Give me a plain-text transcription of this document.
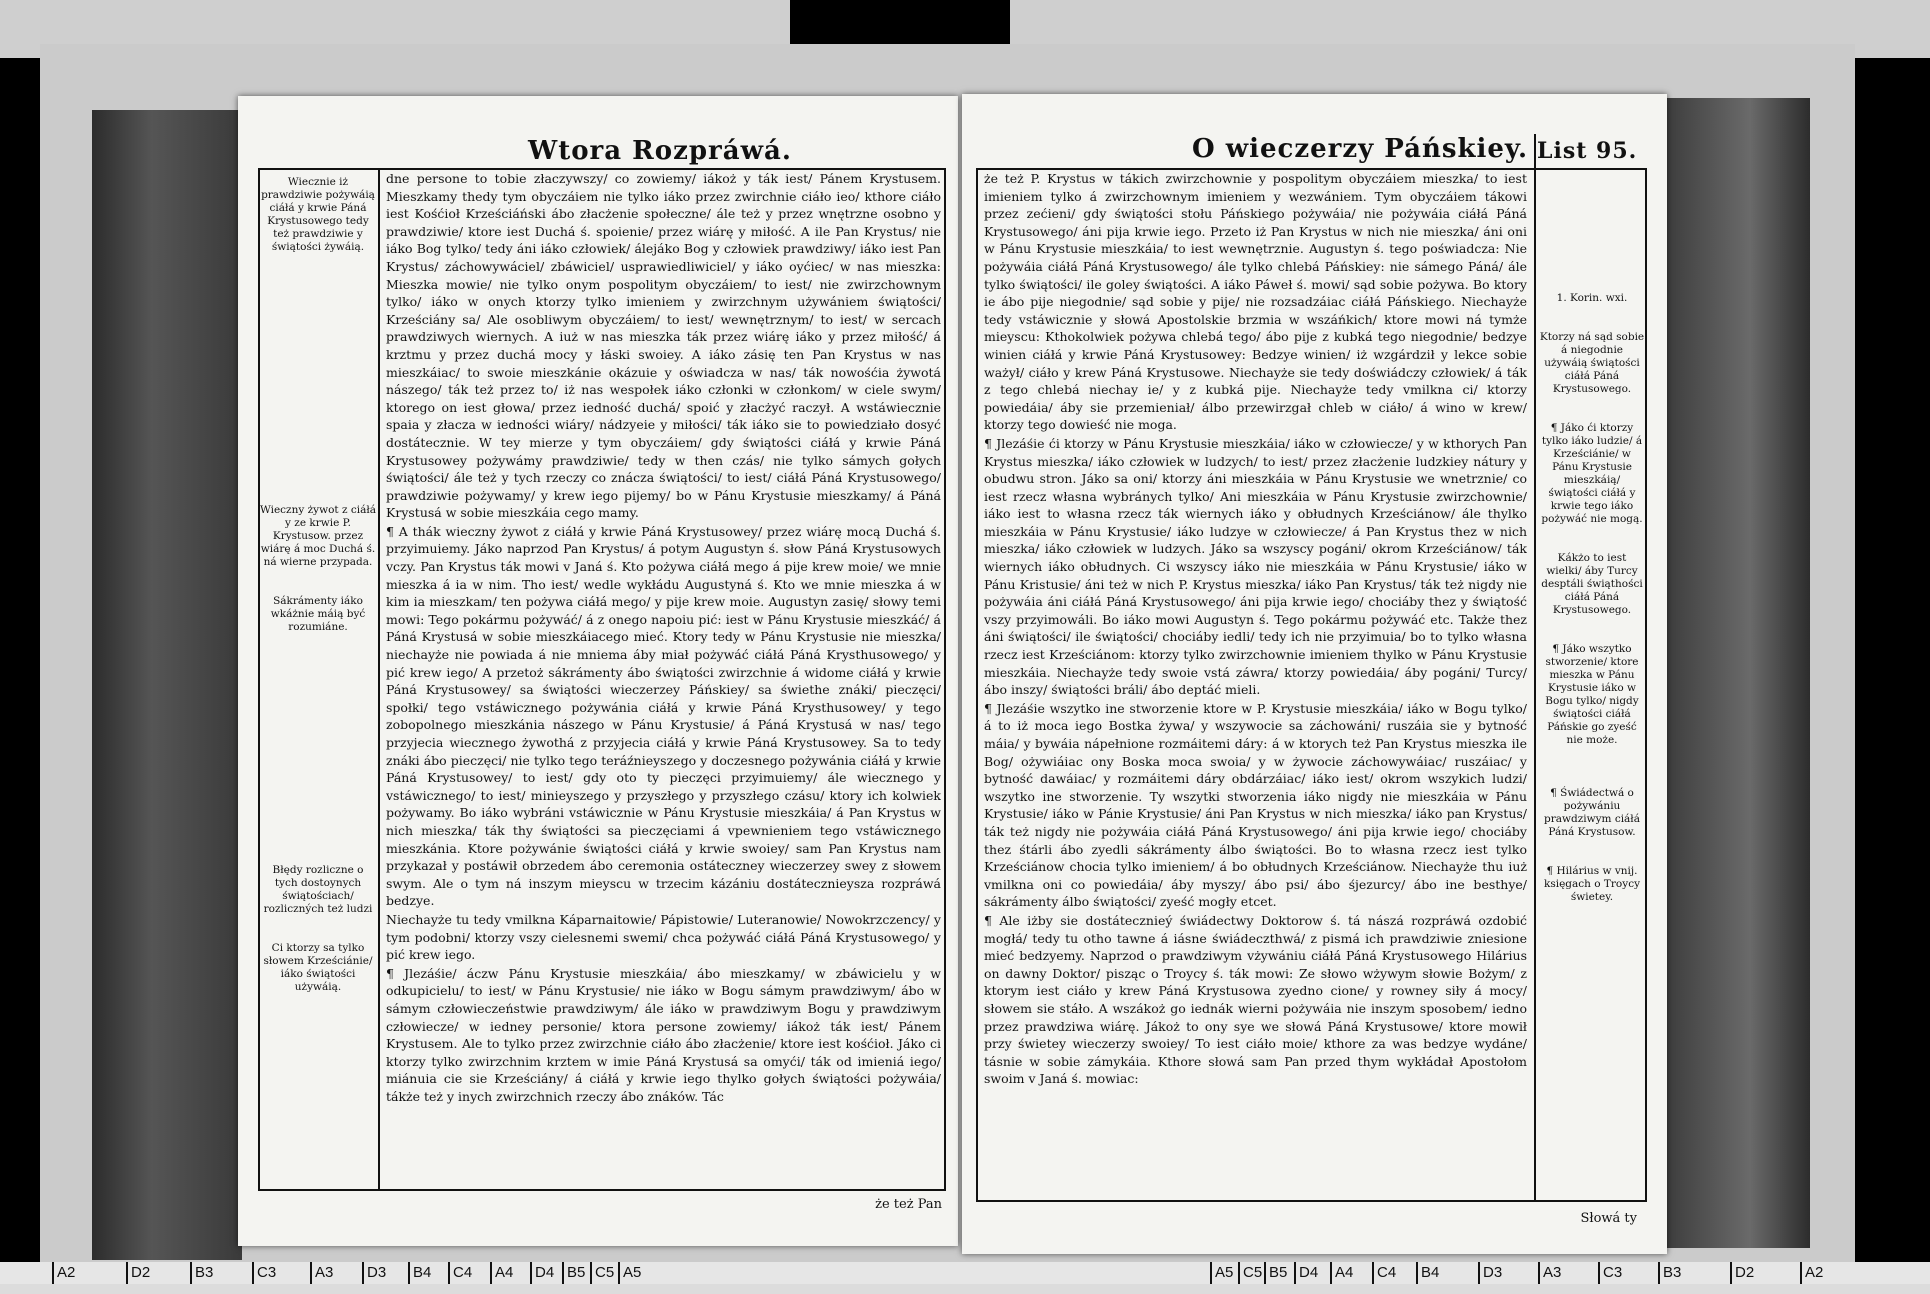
Wtora Rozpráwá.
Wiecznie iż prawdziwie pożywáią ciáłá y krwie Páná Krystusowego tedy też prawdziwie y świątości żywáią.
Wieczny żywot z ciáłá y ze krwie P. Krystusow. przez wiárę á moc Duchá ś. ná wierne przypada.
Sákrámenty iáko wkáżnie máią być rozumiáne.
Błędy rozliczne o tych dostoynych świątościach/ rozliczných też ludzi
Ci ktorzy sa tylko słowem Krześciánie/ iáko świątości używáią.

dne persone to tobie złaczywszy/ co zowiemy/ iákoż y ták iest/ Pánem Krystusem. Mieszkamy thedy tym obyczáiem nie tylko iáko przez zwirchnie ciáło ieo/ kthore ciáło iest Kośćioł Krześciáński ábo złacżenie społeczne/ ále też y przez wnętrzne osobno y prawdziwie/ ktore iest Duchá ś. spoienie/ przez wiárę y miłość. A ile Pan Krystus/ nie iáko Bog tylko/ tedy áni iáko człowiek/ álejáko Bog y człowiek prawdziwy/ iáko iest Pan Krystus/ záchowywáciel/ zbáwiciel/ usprawiedliwiciel/ y iáko oyćiec/ w nas mieszka: Mieszka mowie/ nie tylko onym pospolitym obyczáiem/ to iest/ nie zwirzchownym tylko/ iáko w onych ktorzy tylko imieniem y zwirzchnym używániem świątości/ Krześciány sa/ Ale osobliwym obyczáiem/ to iest/ wewnętrznym/ to iest/ w sercach prawdziwych wiernych. A iuż w nas mieszka ták przez wiárę iáko y przez miłość/ á krztmu y przez duchá mocy y łáski swoiey. A iáko zásię ten Pan Krystus w nas mieszkáiac/ to swoie mieszkánie okázuie y oświadcza w nas/ ták nowośćia żywotá nászego/ ták też przez to/ iż nas wespołek iáko członki w członkom/ w ciele swym/ ktorego on iest głowa/ przez iedność duchá/ spoić y złacżyć raczył. A wstáwiecznie spaia y złacza w iedności wiáry/ nádzyeie y miłości/ ták iáko sie to powiedziało dosyć dostátecznie. W tey mierze y tym obyczáiem/ gdy świątości ciáłá y krwie Páná Krystusowey pożywámy prawdziwie/ tedy w then czás/ nie tylko sámych gołych świątości/ ále też y tych rzeczy co znácza świątości/ to iest/ ciáłá Páná Krystusowego/ prawdziwie pożywamy/ y krew iego pijemy/ bo w Pánu Krystusie mieszkamy/ á Páná Krystusá w sobie mieszkáia cego mamy.

¶ A thák wieczny żywot z ciáłá y krwie Páná Krystusowey/ przez wiárę mocą Duchá ś. przyimuiemy. Jáko naprzod Pan Krystus/ á potym Augustyn ś. słow Páná Krystusowych vczy. Pan Krystus ták mowi v Janá ś. Kto pożywa ciáłá mego á pije krew moie/ we mnie mieszka á ia w nim. Tho iest/ wedle wykłádu Augustyná ś. Kto we mnie mieszka á w kim ia mieszkam/ ten pożywa ciáłá mego/ y pije krew moie. Augustyn zasię/ słowy temi mowi: Tego pokármu pożywáć/ á z onego napoiu pić: iest w Pánu Krystusie mieszkáć/ á Páná Krystusá w sobie mieszkáiacego mieć. Ktory tedy w Pánu Krystusie nie mieszka/ niechayże nie powiada á nie mniema áby miał pożywáć ciáłá Páná Krysthusowego/ y pić krew iego/ A przetoż sákrámenty ábo świątości zwirzchnie á widome ciáłá y krwie Páná Krystusowey/ sa świątości wieczerzey Páńskiey/ sa świethe znáki/ pieczęci/ społki/ tego vstáwicznego pożywánia ciáłá y krwie Páná Krysthusowey/ y tego zobopolnego mieszkánia nászego w Pánu Krystusie/ á Páná Krystusá w nas/ tego przyjecia wiecznego żywothá z przyjecia ciáłá y krwie Páná Krystusowey. Sa to tedy znáki ábo pieczęci/ nie tylko tego teráźnieyszego y doczesnego pożywánia ciáłá y krwie Páná Krystusowey/ to iest/ gdy oto ty pieczęci przyimuiemy/ ále wiecznego y vstáwicznego/ to iest/ minieyszego y przyszłego y przyszłego czásu/ ktory ich kolwiek pożywamy. Bo iáko wybráni vstáwicznie w Pánu Krystusie mieszkáia/ á Pan Krystus w nich mieszka/ ták thy świątości sa pieczęciami á vpewnieniem tego vstáwicznego mieszkánia. Ktore pożywánie świątości ciáłá y krwie swoiey/ sam Pan Krystus nam przykazał y postáwił obrzedem ábo ceremonia ostáteczney wieczerzey swey z słowem swym. Ale o tym ná inszym mieyscu w trzecim kázániu dostátecznieysza rozpráwá bedzye.

Niechayże tu tedy vmilkna Káparnaitowie/ Pápistowie/ Luteranowie/ Nowokrzczency/ y tym podobni/ ktorzy vszy cielesnemi swemi/ chca pożywáć ciáłá Páná Krystusowego/ y pić krew iego.

¶ Jlezáśie/ áczw Pánu Krystusie mieszkáia/ ábo mieszkamy/ w zbáwicielu y w odkupicielu/ to iest/ w Pánu Krystusie/ nie iáko w Bogu sámym prawdziwym/ ábo w sámym człowieczeństwie prawdziwym/ ále iáko w prawdziwym Bogu y prawdziwym człowiecze/ w iedney personie/ ktora persone zowiemy/ iákoż ták iest/ Pánem Krystusem. Ale to tylko przez zwirzchnie ciáło ábo złacżenie/ ktore iest kośćioł. Jáko ci ktorzy tylko zwirzchnim krztem w imie Páná Krystusá sa omyći/ ták od imieniá iego/ miánuia cie sie Krześciány/ á ciáłá y krwie iego thylko gołych świątości pożywáia/ tákże też y inych zwirzchnich rzeczy ábo znáków. Tác

że też Pan
O wieczerzy Páńskiey. List 95.

że też P. Krystus w tákich zwirzchownie y pospolitym obyczáiem mieszka/ to iest imieniem tylko á zwirzchownym imieniem y wezwániem. Tym obyczáiem tákowi przez zećieni/ gdy świątości stołu Páńskiego pożywáia/ nie pożywáia ciáłá Páná Krystusowego/ áni pija krwie iego. Przeto iż Pan Krystus w nich nie mieszka/ áni oni w Pánu Krystusie mieszkáia/ to iest wewnętrznie. Augustyn ś. tego poświadcza: Nie pożywáia ciáłá Páná Krystusowego/ ále tylko chlebá Páńskiey: nie sámego Páná/ ále tylko świątości/ ile goley świątości. A iáko Páweł ś. mowi/ sąd sobie pożywa. Bo ktory ie ábo pije niegodnie/ sąd sobie y pije/ nie rozsadzáiac ciáłá Páńskiego. Niechayże tedy vstáwicznie y słowá Apostolskie brzmia w wszáńkich/ ktore mowi ná tymże mieyscu: Kthokolwiek pożywa chlebá tego/ ábo pije z kubká tego niegodnie/ bedzye winien ciáłá y krwie Páná Krystusowey: Bedzye winien/ iż wzgárdził y lekce sobie ważył/ ciáło y krew Páná Krystusowe. Niechayże sie tedy doświádczy człowiek/ á ták z tego chlebá niechay ie/ y z kubká pije. Niechayże tedy vmilkna ci/ ktorzy powiedáia/ áby sie przemieniał/ álbo przewirzgał chleb w ciáło/ á wino w krew/ ktorzy tego dowieść nie moga.

¶ Jlezáśie ći ktorzy w Pánu Krystusie mieszkáia/ iáko w człowiecze/ y w kthorych Pan Krystus mieszka/ iáko człowiek w ludzych/ to iest/ przez złacżenie ludzkiey nátury y obudwu stron. Jáko sa oni/ ktorzy áni mieszkáia w Pánu Krystusie we wnetrznie/ co iest rzecz własna wybránych tylko/ Ani mieszkáia w Pánu Krystusie zwirzchownie/ iáko iest to własna rzecz ták wiernych iáko y obłudnych Krześciánow/ ále thylko mieszkáia w Pánu Krystusie/ iáko ludzye w człowiecze/ á Pan Krystus thez w nich mieszka/ iáko człowiek w ludzych. Jáko sa wszyscy pogáni/ okrom Krześciánow/ ták wiernych iáko obłudnych. Ci wszyscy iáko nie mieszkáia w Pánu Krystusie/ iáko w Pánu Kristusie/ áni też w nich P. Krystus mieszka/ iáko Pan Krystus/ ták też nigdy nie pożywáia áni ciáłá Páná Krystusowego/ áni pija krwie iego/ chociáby thez y świątość vszy przyimowáli. Bo iáko mowi Augustyn ś. Tego pokármu pożywáć etc. Także thez áni świątości/ ile świątości/ chociáby iedli/ tedy ich nie przyimuia/ bo to tylko własna rzecz iest Krześciánom: ktorzy tylko zwirzchownie imieniem thylko w Pánu Krystusie mieszkáia. Niechayże tedy swoie vstá záwra/ ktorzy powiedáia/ áby pogáni/ Turcy/ ábo inszy/ świątości bráli/ ábo deptáć mieli.

¶ Jlezáśie wszytko ine stworzenie ktore w P. Krystusie mieszkáia/ iáko w Bogu tylko/ á to iż moca iego Bostka żywa/ y wszywocie sa záchowáni/ ruszáia sie y bytność máia/ y bywáia nápełnione rozmáitemi dáry: á w ktorych też Pan Krystus mieszka ile Bog/ ożywiáiac ony Boska moca swoia/ y w żywocie záchowywáiac/ ruszáiac/ y bytność dawáiac/ y rozmáitemi dáry obdárzáiac/ iáko iest/ okrom wszykich ludzi/ wszytko ine stworzenie. Ty wszytki stworzenia iáko nigdy nie mieszkáia w Pánu Krystusie/ iáko w Pánie Krystusie/ áni Pan Krystus w nich mieszka/ iáko pan Krystus/ ták też nigdy nie pożywáia ciáłá Páná Krystusowego/ áni pija krwie iego/ chociáby thez śtárli ábo zyedli sákrámenty álbo świątości. Bo to własna rzecz iest tylko Krześciánow chocia tylko imieniem/ á bo obłudnych Krześciánow. Niechayże thu iuż vmilkna oni co powiedáia/ áby myszy/ ábo psi/ ábo śjezurcy/ ábo ine besthye/ sákrámenty álbo świątości/ zyeść mogły etcet.

¶ Ale iżby sie dostátecznieý świádectwy Doktorow ś. tá nászá rozpráwá ozdobić mogłá/ tedy tu otho tawne á iásne świádeczthwá/ z pismá ich prawdziwie zniesione mieć bedzyemy. Naprzod o prawdziwym vżywániu ciáłá Páná Krystusowego Hilárius on dawny Doktor/ pisząc o Troycy ś. ták mowi: Ze słowo wżywym słowie Bożym/ z ktorym iest ciáło y krew Páná Krystusowa zyedno cione/ y rowney siły á mocy/ słowem sie stáło. A wszákoż go iednák wierni pożywáia nie inszym sposobem/ iedno przez prawdziwa wiárę. Jákoż to ony sye we słowá Páná Krystusowe/ ktore mowił przy świetey wieczerzy swoiey/ To iest ciáło moie/ kthore za was bedzye wydáne/ tásnie w sobie zámykáia. Kthore słowá sam Pan przed thym wykłádał Apostołom swoim v Janá ś. mowiac:

1. Korin. wxi.
Ktorzy ná sąd sobie á niegodnie używáią świątości ciáłá Páná Krystusowego.
¶ Jáko ći ktorzy tylko iáko ludzie/ á Krześciánie/ w Pánu Krystusie mieszkáią/ świątości ciáłá y krwie tego iáko pożywáć nie mogą.
Kákżo to iest wielki/ áby Turcy desptáli świąthości ciáłá Páná Krystusowego.
¶ Jáko wszytko stworzenie/ ktore mieszka w Pánu Krystusie iáko w Bogu tylko/ nigdy świątości ciáłá Páńskie go zyeść nie może.
¶ Świádectwá o pożywániu prawdziwym ciáłá Páná Krystusow.
¶ Hilárius w vnij. księgach o Troycy świetey.
Słowá ty
A2	D2	B3	C3	A3	D3	B4	C4	A4	D4 B5 C5 A5	A5 C5 B5 D4	A4	C4	B4	D3	A3	C3	B3	D2	A2
